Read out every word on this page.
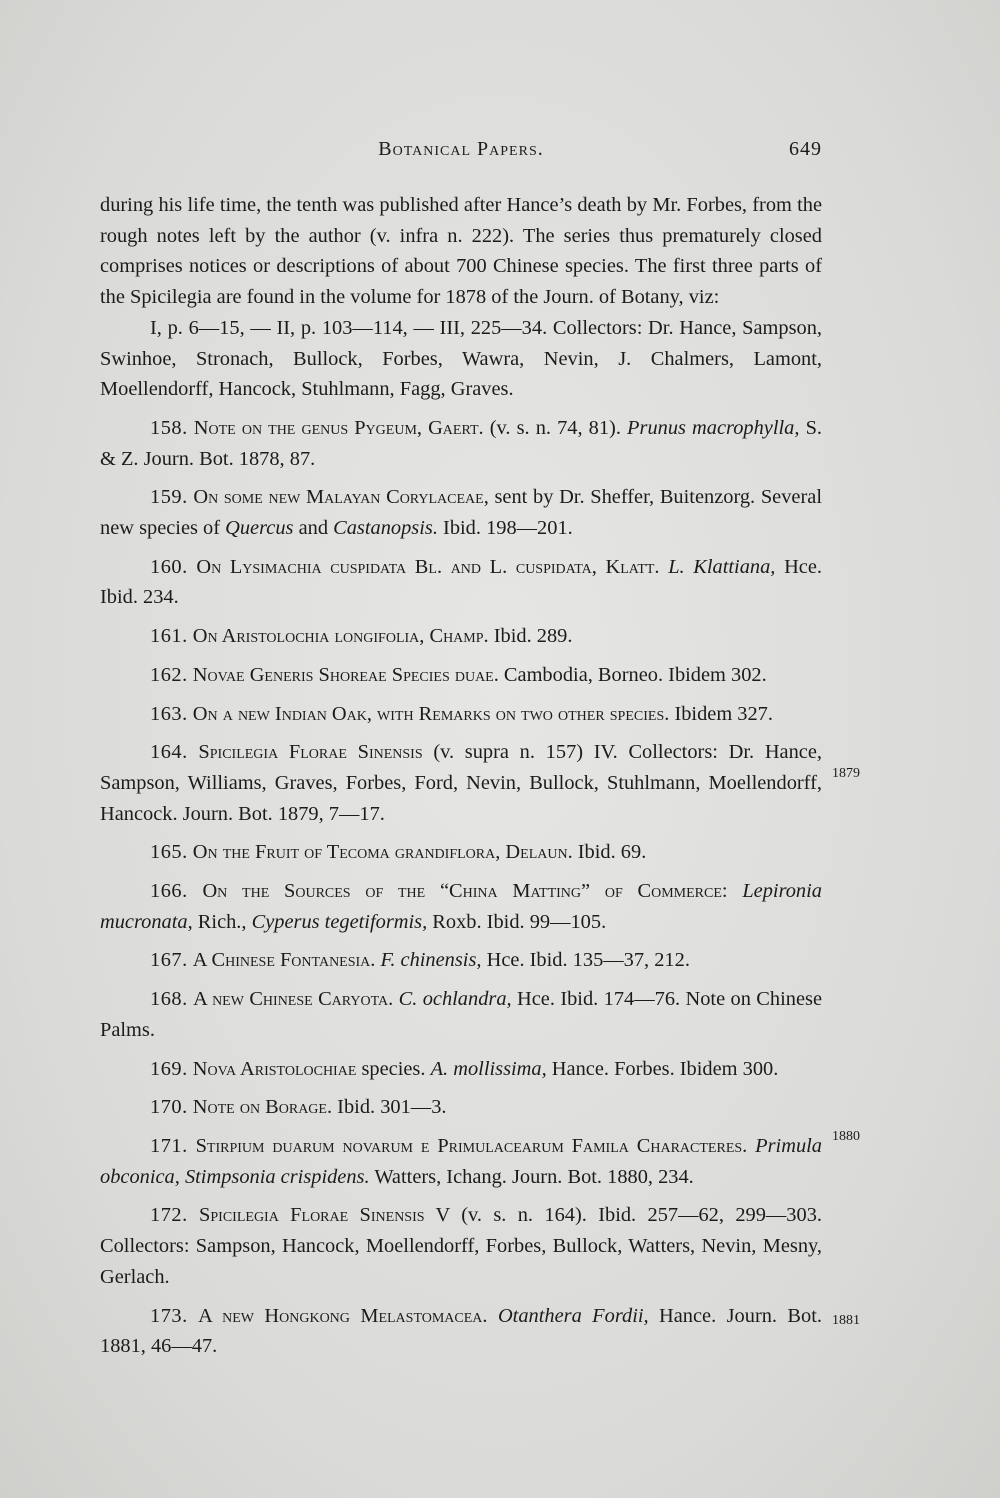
Botanical Papers.	649

during his life time, the tenth was published after Hance’s death by Mr. Forbes, from the rough notes left by the author (v. infra n. 222). The series thus prematurely closed comprises notices or descriptions of about 700 Chinese species. The first three parts of the Spicilegia are found in the volume for 1878 of the Journ. of Botany, viz:

I, p. 6—15, — II, p. 103—114, — III, 225—34. Collectors: Dr. Hance, Sampson, Swinhoe, Stronach, Bullock, Forbes, Wawra, Nevin, J. Chalmers, Lamont, Moellendorff, Hancock, Stuhlmann, Fagg, Graves.

158. Note on the genus Pygeum, Gaert. (v. s. n. 74, 81). Prunus macrophylla, S. & Z. Journ. Bot. 1878, 87.

159. On some new Malayan Corylaceae, sent by Dr. Sheffer, Buitenzorg. Several new species of Quercus and Castanopsis. Ibid. 198—201.

160. On Lysimachia cuspidata Bl. and L. cuspidata, Klatt. L. Klattiana, Hce. Ibid. 234.

161. On Aristolochia longifolia, Champ. Ibid. 289.

162. Novae Generis Shoreae Species duae. Cambodia, Borneo. Ibidem 302.

163. On a new Indian Oak, with Remarks on two other species. Ibidem 327.

164. Spicilegia Florae Sinensis (v. supra n. 157) IV. Collectors: Dr. Hance, Sampson, Williams, Graves, Forbes, Ford, Nevin, Bullock, Stuhlmann, Moellendorff, Hancock. Journ. Bot. 1879, 7—17.

165. On the Fruit of Tecoma grandiflora, Delaun. Ibid. 69.

166. On the Sources of the “China Matting” of Commerce: Lepironia mucronata, Rich., Cyperus tegetiformis, Roxb. Ibid. 99—105.

167. A Chinese Fontanesia. F. chinensis, Hce. Ibid. 135—37, 212.

168. A new Chinese Caryota. C. ochlandra, Hce. Ibid. 174—76. Note on Chinese Palms.

169. Nova Aristolochiae species. A. mollissima, Hance. Forbes. Ibidem 300.

170. Note on Borage. Ibid. 301—3.

171. Stirpium duarum novarum e Primulacearum Famila Characteres. Primula obconica, Stimpsonia crispidens. Watters, Ichang. Journ. Bot. 1880, 234.

172. Spicilegia Florae Sinensis V (v. s. n. 164). Ibid. 257—62, 299—303. Collectors: Sampson, Hancock, Moellendorff, Forbes, Bullock, Watters, Nevin, Mesny, Gerlach.

173. A new Hongkong Melastomacea. Otanthera Fordii, Hance. Journ. Bot. 1881, 46—47.

1879
1880
1881
